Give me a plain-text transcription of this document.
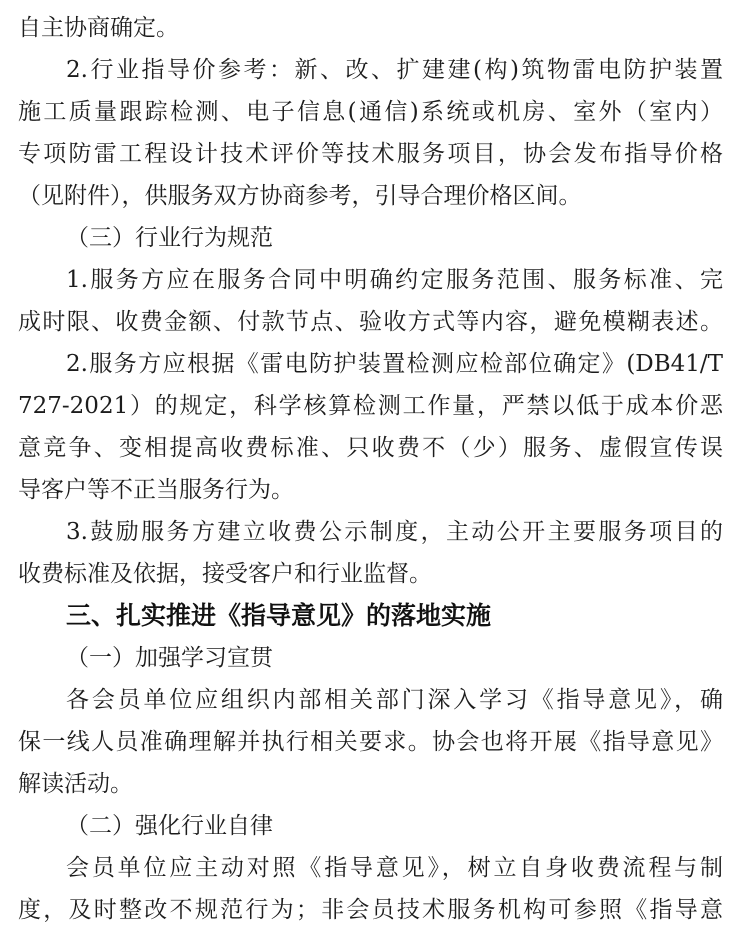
自主协商确定。
2.行业指导价参考：新、改、扩建建(构)筑物雷电防护装置
施工质量跟踪检测、电子信息(通信)系统或机房、室外（室内）
专项防雷工程设计技术评价等技术服务项目，协会发布指导价格
（见附件），供服务双方协商参考，引导合理价格区间。
（三）行业行为规范
1.服务方应在服务合同中明确约定服务范围、服务标准、完
成时限、收费金额、付款节点、验收方式等内容，避免模糊表述。
2.服务方应根据《雷电防护装置检测应检部位确定》(DB41/T
727-2021）的规定，科学核算检测工作量，严禁以低于成本价恶
意竞争、变相提高收费标准、只收费不（少）服务、虚假宣传误
导客户等不正当服务行为。
3.鼓励服务方建立收费公示制度，主动公开主要服务项目的
收费标准及依据，接受客户和行业监督。
三、扎实推进《指导意见》的落地实施
（一）加强学习宣贯
各会员单位应组织内部相关部门深入学习《指导意见》，确
保一线人员准确理解并执行相关要求。协会也将开展《指导意见》
解读活动。
（二）强化行业自律
会员单位应主动对照《指导意见》，树立自身收费流程与制
度，及时整改不规范行为；非会员技术服务机构可参照《指导意
